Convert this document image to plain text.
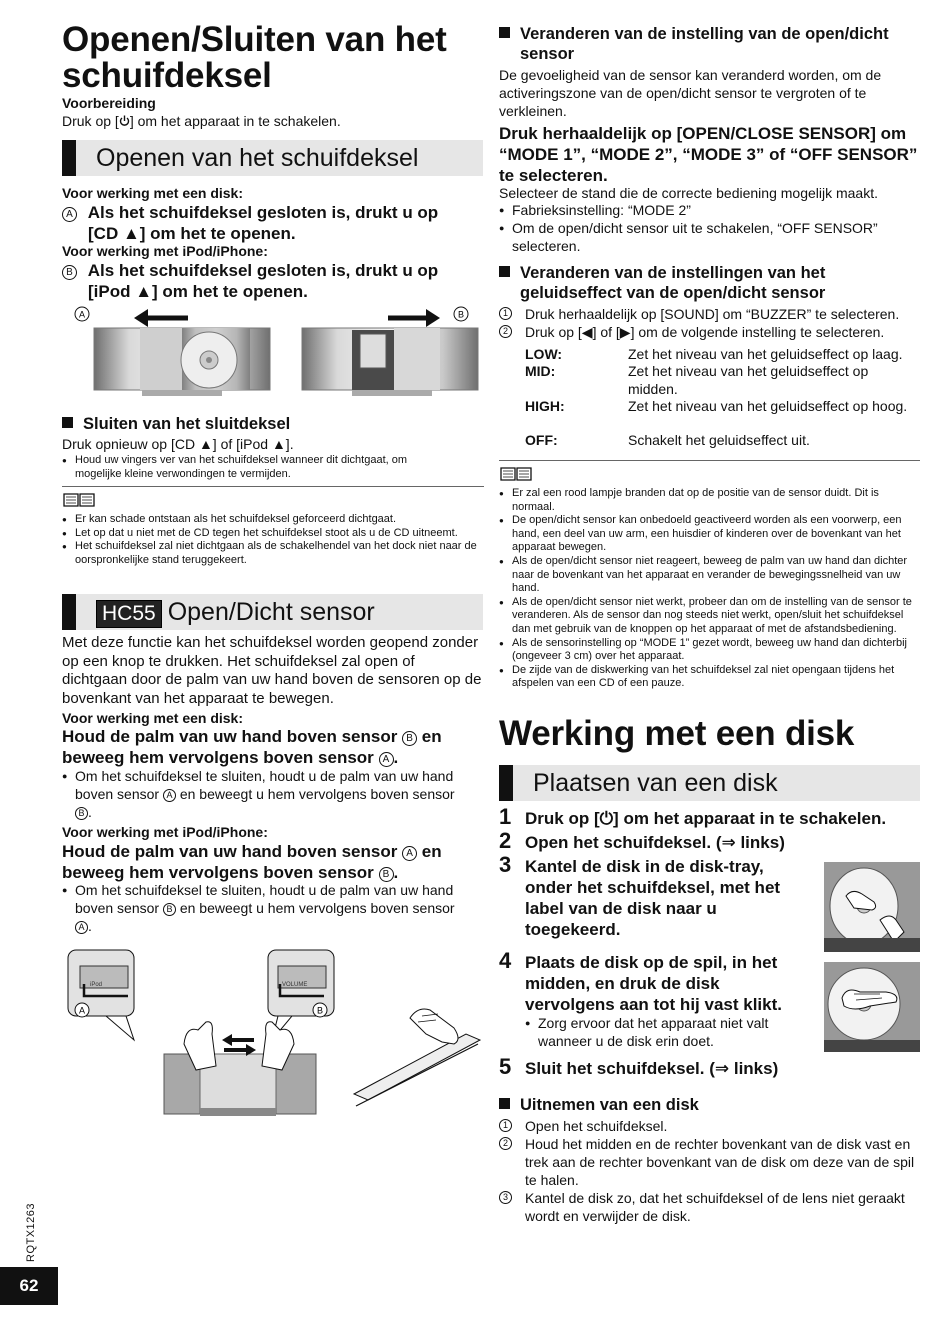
Openen/Sluiten van het
schuifdeksel
Voorbereiding
Druk op [ ] om het apparaat in te schakelen.
Openen van het schuifdeksel
Voor werking met een disk:
A Als het schuifdeksel gesloten is, drukt u op
[CD ▲] om het te openen.
Voor werking met iPod/iPhone:
B Als het schuifdeksel gesloten is, drukt u op
[iPod ▲] om het te openen.
A	B
Sluiten van het sluitdeksel
Druk opnieuw op [CD ▲] of [iPod ▲].
● Houd uw vingers ver van het schuifdeksel wanneer dit dichtgaat, om
mogelijke kleine verwondingen te vermijden.
● Er kan schade ontstaan als het schuifdeksel geforceerd dichtgaat.
● Let op dat u niet met de CD tegen het schuifdeksel stoot als u de CD uitneemt.
● Het schuifdeksel zal niet dichtgaan als de schakelhendel van het dock niet naar de oorspronkelijke stand teruggekeert.
HC55 Open/Dicht sensor
Met deze functie kan het schuifdeksel worden geopend zonder op een knop te drukken. Het schuifdeksel zal open of dichtgaan door de palm van uw hand boven de sensoren op de bovenkant van het apparaat te bewegen.
Voor werking met een disk:
Houd de palm van uw hand boven sensor B en
beweeg hem vervolgens boven sensor A .
● Om het schuifdeksel te sluiten, houdt u de palm van uw hand
boven sensor A en beweegt u hem vervolgens boven sensor
B .
Voor werking met iPod/iPhone:
Houd de palm van uw hand boven sensor A en
beweeg hem vervolgens boven sensor B .
● Om het schuifdeksel te sluiten, houdt u de palm van uw hand
boven sensor B en beweegt u hem vervolgens boven sensor
A .
iPod
A
VOLUME
B
Veranderen van de instelling van de open/dicht
sensor
De gevoeligheid van de sensor kan veranderd worden, om de activeringszone van de open/dicht sensor te vergroten of te verkleinen.
Druk herhaaldelijk op [OPEN/CLOSE SENSOR] om “MODE 1”, “MODE 2”, “MODE 3” of “OFF SENSOR” te selecteren.
Selecteer de stand die de correcte bediening mogelijk maakt.
● Fabrieksinstelling: “MODE 2”
● Om de open/dicht sensor uit te schakelen, “OFF SENSOR” selecteren.
Veranderen van de instellingen van het
geluidseffect van de open/dicht sensor
1 Druk herhaaldelijk op [SOUND] om “BUZZER” te selecteren.
2 Druk op [◀] of [▶] om de volgende instelling te selecteren.
LOW:	Zet het niveau van het geluidseffect op laag.
MID:	Zet het niveau van het geluidseffect op midden.
HIGH:	Zet het niveau van het geluidseffect op hoog.
OFF:	Schakelt het geluidseffect uit.
● Er zal een rood lampje branden dat op de positie van de sensor duidt. Dit is normaal.
● De open/dicht sensor kan onbedoeld geactiveerd worden als een voorwerp, een hand, een deel van uw arm, een huisdier of kinderen over de bovenkant van het apparaat bewegen.
● Als de open/dicht sensor niet reageert, beweeg de palm van uw hand dan dichter naar de bovenkant van het apparaat en verander de bewegingssnelheid van uw hand.
● Als de open/dicht sensor niet werkt, probeer dan om de instelling van de sensor te veranderen. Als de sensor dan nog steeds niet werkt, open/sluit het schuifdeksel dan met gebruik van de knoppen op het apparaat of met de afstandsbediening.
● Als de sensorinstelling op “MODE 1” gezet wordt, beweeg uw hand dan dichterbij (ongeveer 3 cm) over het apparaat.
● De zijde van de diskwerking van het schuifdeksel zal niet opengaan tijdens het afspelen van een CD of een pauze.
Werking met een disk
Plaatsen van een disk
1 Druk op [⏻] om het apparaat in te schakelen.
2 Open het schuifdeksel. (⇒ links)
3 Kantel de disk in de disk-tray, onder het schuifdeksel, met het label van de disk naar u toegekeerd.
4 Plaats de disk op de spil, in het midden, en druk de disk vervolgens aan tot hij vast klikt.
● Zorg ervoor dat het apparaat niet valt wanneer u de disk erin doet.
5 Sluit het schuifdeksel. (⇒ links)
Uitnemen van een disk
1 Open het schuifdeksel.
2 Houd het midden en de rechter bovenkant van de disk vast en trek aan de rechter bovenkant van de disk om deze van de spil te halen.
3 Kantel de disk zo, dat het schuifdeksel of de lens niet geraakt wordt en verwijder de disk.
RQTX1263
62
